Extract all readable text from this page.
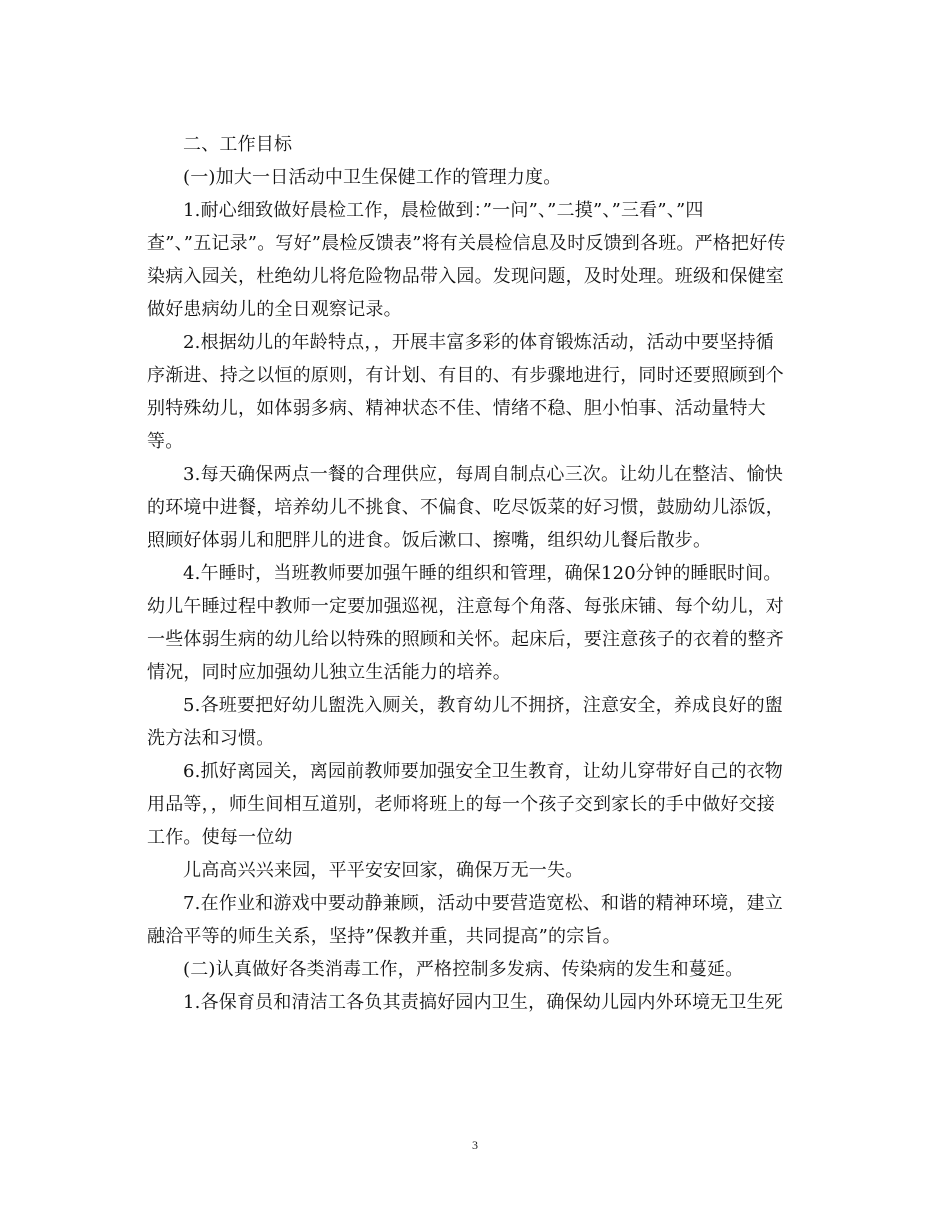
二、工作目标
(一)加大一日活动中卫生保健工作的管理力度。
1.耐心细致做好晨检工作，晨检做到：”一问”、”二摸”、”三看”、”四
查”、”五记录”。写好”晨检反馈表”将有关晨检信息及时反馈到各班。严格把好传
染病入园关，杜绝幼儿将危险物品带入园。发现问题，及时处理。班级和保健室
做好患病幼儿的全日观察记录。
2.根据幼儿的年龄特点，，开展丰富多彩的体育锻炼活动，活动中要坚持循
序渐进、持之以恒的原则，有计划、有目的、有步骤地进行，同时还要照顾到个
别特殊幼儿，如体弱多病、精神状态不佳、情绪不稳、胆小怕事、活动量特大
等。
3.每天确保两点一餐的合理供应，每周自制点心三次。让幼儿在整洁、愉快
的环境中进餐，培养幼儿不挑食、不偏食、吃尽饭菜的好习惯，鼓励幼儿添饭，
照顾好体弱儿和肥胖儿的进食。饭后漱口、擦嘴，组织幼儿餐后散步。
4.午睡时，当班教师要加强午睡的组织和管理，确保120分钟的睡眠时间。
幼儿午睡过程中教师一定要加强巡视，注意每个角落、每张床铺、每个幼儿，对
一些体弱生病的幼儿给以特殊的照顾和关怀。起床后，要注意孩子的衣着的整齐
情况，同时应加强幼儿独立生活能力的培养。
5.各班要把好幼儿盥洗入厕关，教育幼儿不拥挤，注意安全，养成良好的盥
洗方法和习惯。
6.抓好离园关，离园前教师要加强安全卫生教育，让幼儿穿带好自己的衣物
用品等，，师生间相互道别，老师将班上的每一个孩子交到家长的手中做好交接
工作。使每一位幼
儿高高兴兴来园，平平安安回家，确保万无一失。
7.在作业和游戏中要动静兼顾，活动中要营造宽松、和谐的精神环境，建立
融洽平等的师生关系，坚持”保教并重，共同提高”的宗旨。
(二)认真做好各类消毒工作，严格控制多发病、传染病的发生和蔓延。
1.各保育员和清洁工各负其责搞好园内卫生，确保幼儿园内外环境无卫生死
3
